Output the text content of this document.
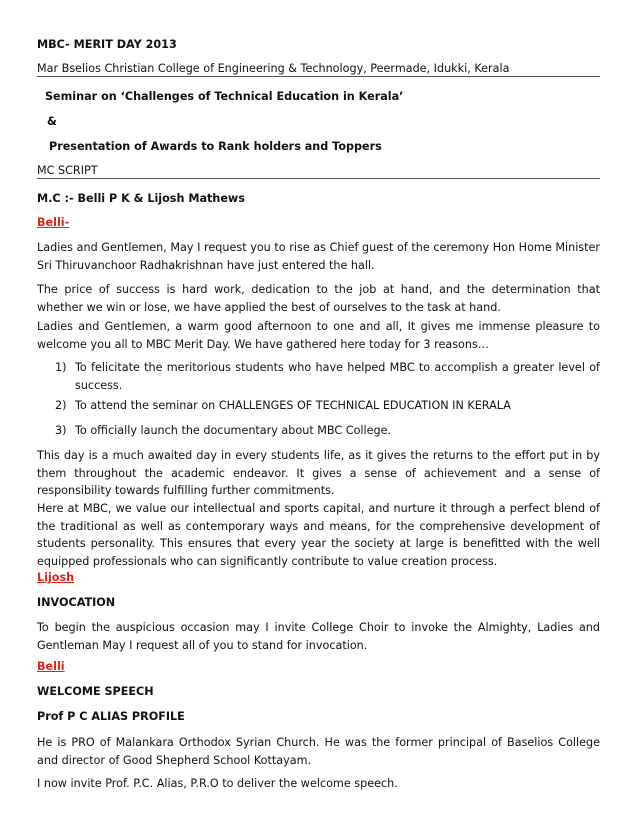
MBC- MERIT DAY 2013

Mar Bselios Christian College of Engineering & Technology, Peermade, Idukki, Kerala

Seminar on ‘Challenges of Technical Education in Kerala’

&

Presentation of Awards to Rank holders and Toppers

MC SCRIPT

M.C :- Belli P K & Lijosh Mathews

Belli-

Ladies and Gentlemen, May I request you to rise as Chief guest of the ceremony Hon Home Minister Sri Thiruvanchoor Radhakrishnan have just entered the hall.

The price of success is hard work, dedication to the job at hand, and the determination that whether we win or lose, we have applied the best of ourselves to the task at hand.

Ladies and Gentlemen, a warm good afternoon to one and all, It gives me immense pleasure to welcome you all to MBC Merit Day. We have gathered here today for 3 reasons…

1) To felicitate the meritorious students who have helped MBC to accomplish a greater level of success.
2) To attend the seminar on CHALLENGES OF TECHNICAL EDUCATION IN KERALA
3) To officially launch the documentary about MBC College.

This day is a much awaited day in every students life, as it gives the returns to the effort put in by them throughout the academic endeavor. It gives a sense of achievement and a sense of responsibility towards fulfilling further commitments.

Here at MBC, we value our intellectual and sports capital, and nurture it through a perfect blend of the traditional as well as contemporary ways and means, for the comprehensive development of students personality. This ensures that every year the society at large is benefitted with the well equipped professionals who can significantly contribute to value creation process.

Lijosh

INVOCATION

To begin the auspicious occasion may I invite College Choir to invoke the Almighty, Ladies and Gentleman May I request all of you to stand for invocation.

Belli

WELCOME SPEECH

Prof P C ALIAS PROFILE

He is PRO of Malankara Orthodox Syrian Church. He was the former principal of Baselios College and director of Good Shepherd School Kottayam.

I now invite Prof. P.C. Alias, P.R.O to deliver the welcome speech.
